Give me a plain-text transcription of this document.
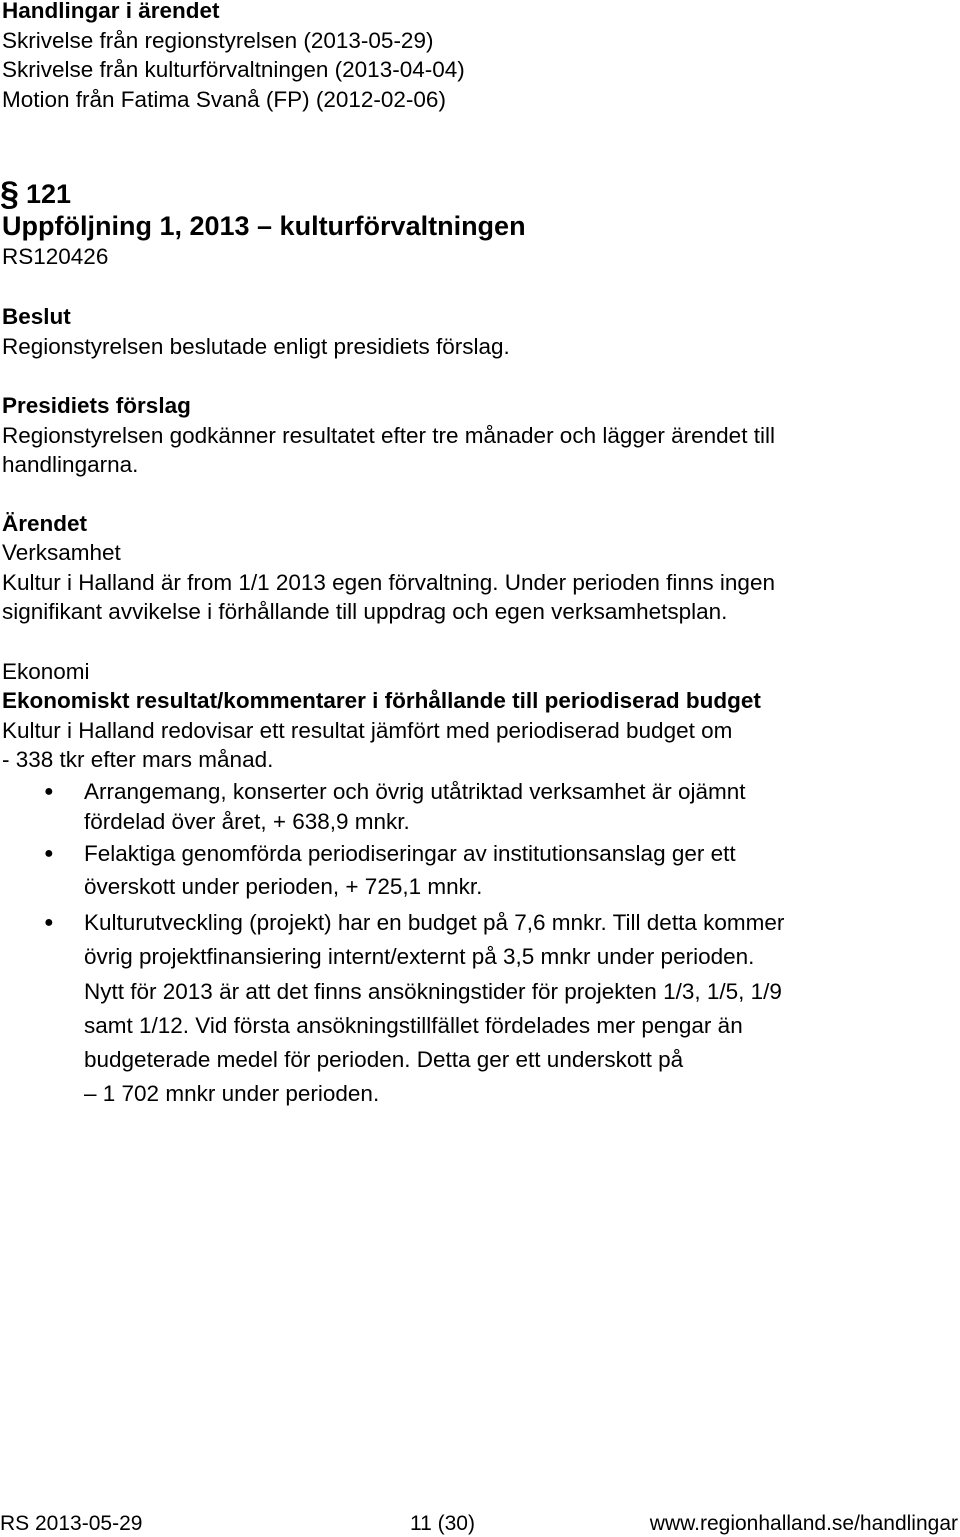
Handlingar i ärendet
Skrivelse från regionstyrelsen (2013-05-29)
Skrivelse från kulturförvaltningen (2013-04-04)
Motion från Fatima Svanå (FP) (2012-02-06)
§ 121
Uppföljning 1, 2013 – kulturförvaltningen
RS120426
Beslut
Regionstyrelsen beslutade enligt presidiets förslag.
Presidiets förslag
Regionstyrelsen godkänner resultatet efter tre månader och lägger ärendet till
handlingarna.
Ärendet
Verksamhet
Kultur i Halland är from 1/1 2013 egen förvaltning. Under perioden finns ingen
signifikant avvikelse i förhållande till uppdrag och egen verksamhetsplan.
Ekonomi
Ekonomiskt resultat/kommentarer i förhållande till periodiserad budget
Kultur i Halland redovisar ett resultat jämfört med periodiserad budget om
- 338 tkr efter mars månad.
● Arrangemang, konserter och övrig utåtriktad verksamhet är ojämnt
fördelad över året, + 638,9 mnkr.
● Felaktiga genomförda periodiseringar av institutionsanslag ger ett
överskott under perioden, + 725,1 mnkr.
● Kulturutveckling (projekt) har en budget på 7,6 mnkr. Till detta kommer
övrig projektfinansiering internt/externt på 3,5 mnkr under perioden.
Nytt för 2013 är att det finns ansökningstider för projekten 1/3, 1/5, 1/9
samt 1/12. Vid första ansökningstillfället fördelades mer pengar än
budgeterade medel för perioden. Detta ger ett underskott på
– 1 702 mnkr under perioden.
RS 2013-05-29	11 (30)	www.regionhalland.se/handlingar
